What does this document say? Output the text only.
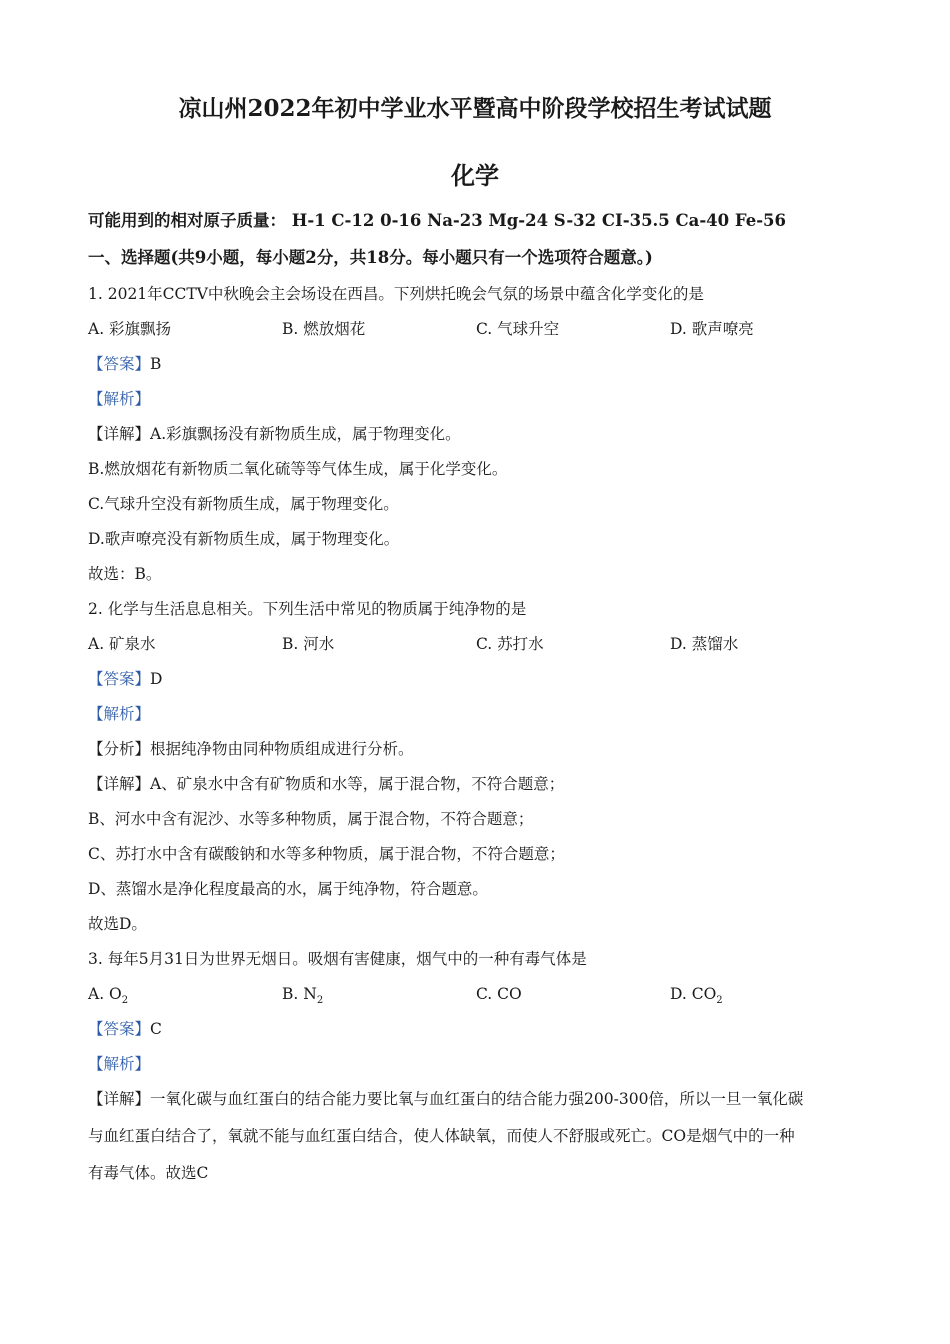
凉山州2022年初中学业水平暨高中阶段学校招生考试试题
化学

可能用到的相对原子质量： H-1 C-12 0-16 Na-23 Mg-24 S-32 CI-35.5 Ca-40 Fe-56

一、选择题(共9小题，每小题2分，共18分。每小题只有一个选项符合题意。)

1. 2021年CCTV中秋晚会主会场设在西昌。下列烘托晚会气氛的场景中蕴含化学变化的是

A. 彩旗飘扬	B. 燃放烟花	C. 气球升空	D. 歌声嘹亮

【答案】B

【解析】

【详解】A.彩旗飘扬没有新物质生成，属于物理变化。

B.燃放烟花有新物质二氧化硫等等气体生成，属于化学变化。

C.气球升空没有新物质生成，属于物理变化。

D.歌声嘹亮没有新物质生成，属于物理变化。

故选：B。

2. 化学与生活息息相关。下列生活中常见的物质属于纯净物的是

A. 矿泉水	B. 河水	C. 苏打水	D. 蒸馏水

【答案】D

【解析】

【分析】根据纯净物由同种物质组成进行分析。

【详解】A、矿泉水中含有矿物质和水等，属于混合物，不符合题意；

B、河水中含有泥沙、水等多种物质，属于混合物，不符合题意；

C、苏打水中含有碳酸钠和水等多种物质，属于混合物，不符合题意；

D、蒸馏水是净化程度最高的水，属于纯净物，符合题意。

故选D。

3. 每年5月31日为世界无烟日。吸烟有害健康，烟气中的一种有毒气体是

A. $O_2$	B. $N_2$	C. CO	D. $CO_2$

【答案】C

【解析】

【详解】一氧化碳与血红蛋白的结合能力要比氧与血红蛋白的结合能力强200-300倍，所以一旦一氧化碳

与血红蛋白结合了，氧就不能与血红蛋白结合，使人体缺氧，而使人不舒服或死亡。CO是烟气中的一种

有毒气体。故选C
